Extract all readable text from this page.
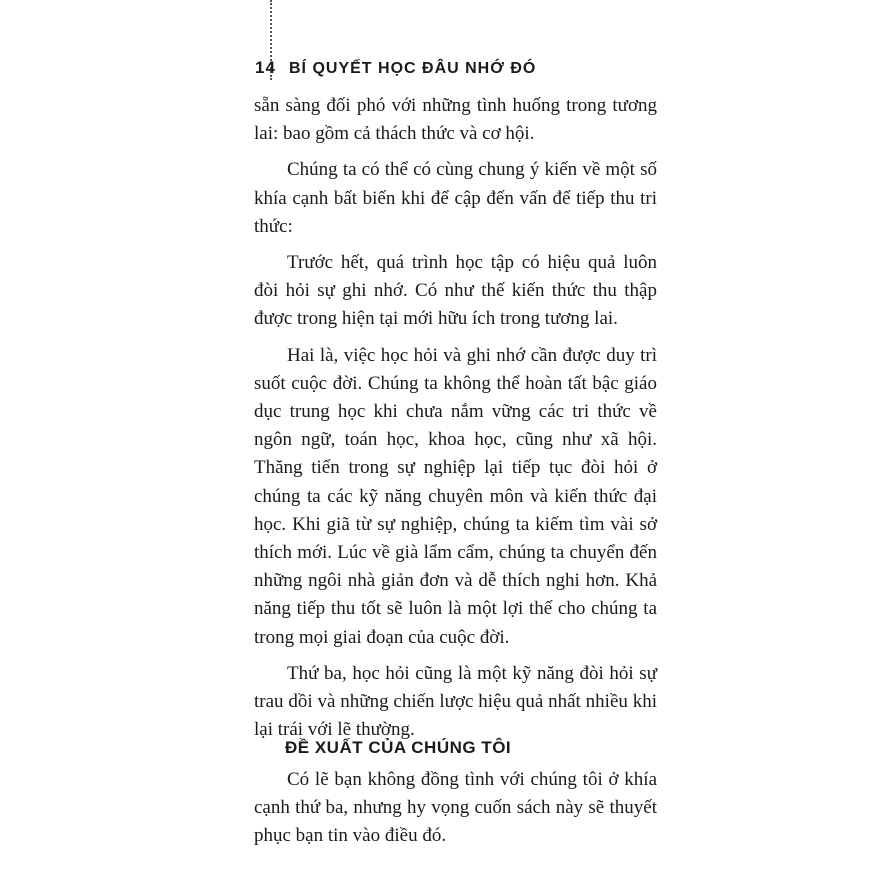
14 BÍ QUYẾT HỌC ĐÂU NHỚ ĐÓ

sẵn sàng đối phó với những tình huống trong tương lai: bao gồm cả thách thức và cơ hội.

Chúng ta có thể có cùng chung ý kiến về một số khía cạnh bất biến khi để cập đến vấn để tiếp thu tri thức:

Trước hết, quá trình học tập có hiệu quả luôn đòi hỏi sự ghi nhớ. Có như thế kiến thức thu thập được trong hiện tại mới hữu ích trong tương lai.

Hai là, việc học hỏi và ghi nhớ cần được duy trì suốt cuộc đời. Chúng ta không thể hoàn tất bậc giáo dục trung học khi chưa nắm vững các tri thức về ngôn ngữ, toán học, khoa học, cũng như xã hội. Thăng tiến trong sự nghiệp lại tiếp tục đòi hỏi ở chúng ta các kỹ năng chuyên môn và kiến thức đại học. Khi giã từ sự nghiệp, chúng ta kiếm tìm vài sở thích mới. Lúc về già lẩm cẩm, chúng ta chuyển đến những ngôi nhà giản đơn và dễ thích nghi hơn. Khả năng tiếp thu tốt sẽ luôn là một lợi thế cho chúng ta trong mọi giai đoạn của cuộc đời.

Thứ ba, học hỏi cũng là một kỹ năng đòi hỏi sự trau dồi và những chiến lược hiệu quả nhất nhiều khi lại trái với lẽ thường.

ĐỀ XUẤT CỦA CHÚNG TÔI

Có lẽ bạn không đồng tình với chúng tôi ở khía cạnh thứ ba, nhưng hy vọng cuốn sách này sẽ thuyết phục bạn tin vào điều đó.
